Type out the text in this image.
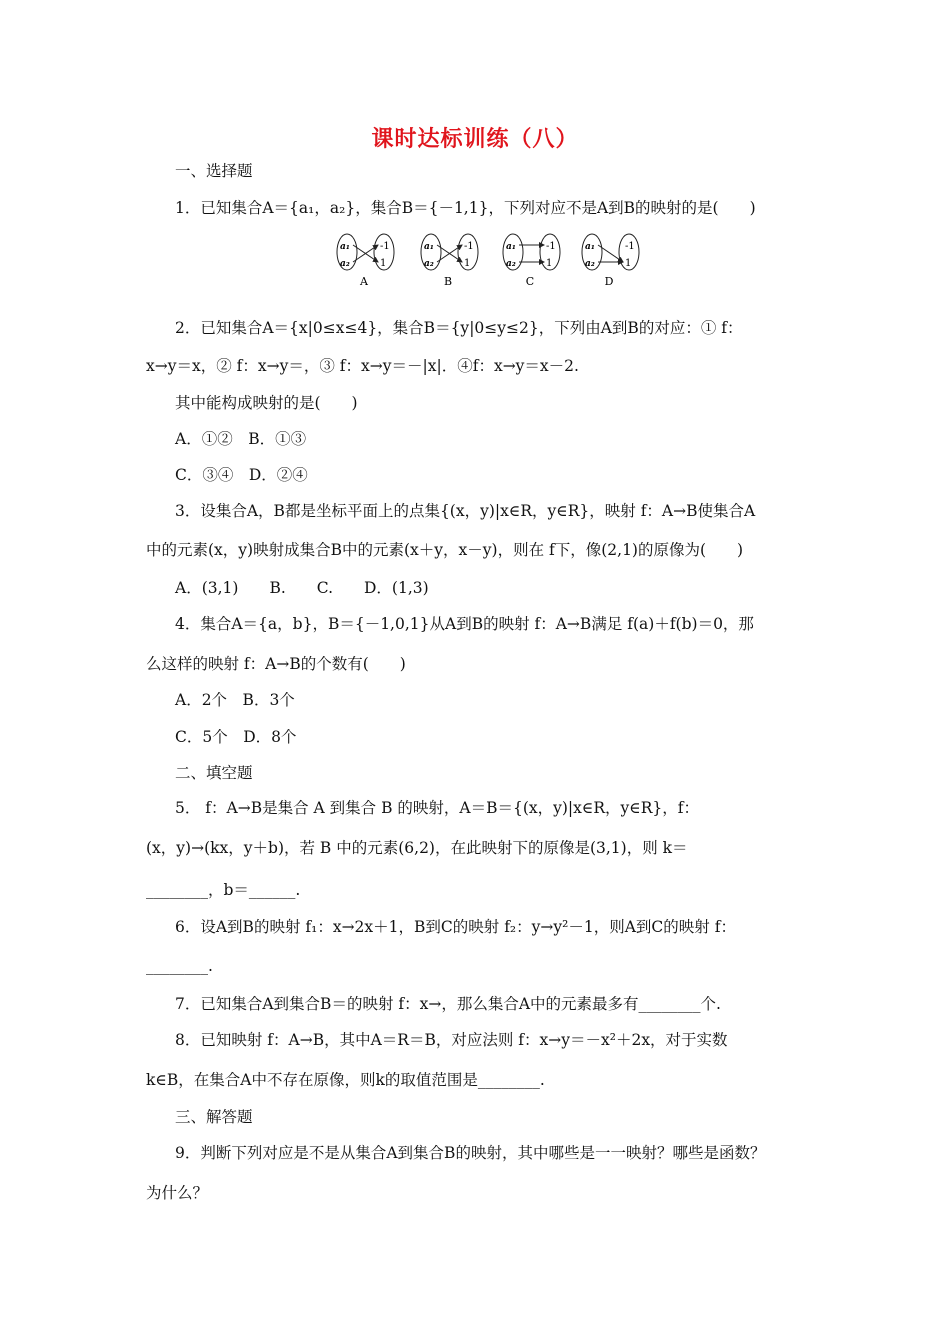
课时达标训练（八）
一、选择题
1．已知集合A＝{a₁，a₂}，集合B＝{－1,1}，下列对应不是A到B的映射的是(　　)
2．已知集合A＝{x|0≤x≤4}，集合B＝{y|0≤y≤2}，下列由A到B的对应：① f：
x→y＝x，② f：x→y＝，③ f：x→y＝－|x|．④f：x→y＝x－2.
其中能构成映射的是(　　)
A．①②　B．①③
C．③④　D．②④
3．设集合A，B都是坐标平面上的点集{(x，y)|x∈R，y∈R}，映射 f：A→B使集合A
中的元素(x，y)映射成集合B中的元素(x＋y，x－y)，则在 f下，像(2,1)的原像为(　　)
A．(3,1)　　B.　　C.　　D．(1,3)
4．集合A＝{a，b}，B＝{－1,0,1}从A到B的映射 f：A→B满足 f(a)＋f(b)＝0，那
么这样的映射 f：A→B的个数有(　　)
A．2个　B．3个
C．5个　D．8个
二、填空题
5． f：A→B是集合 A 到集合 B 的映射，A＝B＝{(x，y)|x∈R，y∈R}，f：
(x，y)→(kx，y＋b)，若 B 中的元素(6,2)，在此映射下的原像是(3,1)，则 k＝
________，b＝______.
6．设A到B的映射 f₁：x→2x＋1，B到C的映射 f₂：y→y²－1，则A到C的映射 f：
________.
7．已知集合A到集合B＝的映射 f：x→，那么集合A中的元素最多有________个.
8．已知映射 f：A→B，其中A＝R＝B，对应法则 f：x→y＝－x²＋2x，对于实数
k∈B，在集合A中不存在原像，则k的取值范围是________.
三、解答题
9．判断下列对应是不是从集合A到集合B的映射，其中哪些是一一映射？哪些是函数？
为什么？
a₁
a₂
-1
1
A
a₁
a₂
-1
1
B
a₁
a₂
-1
1
C
a₁
a₂
-1
1
D
